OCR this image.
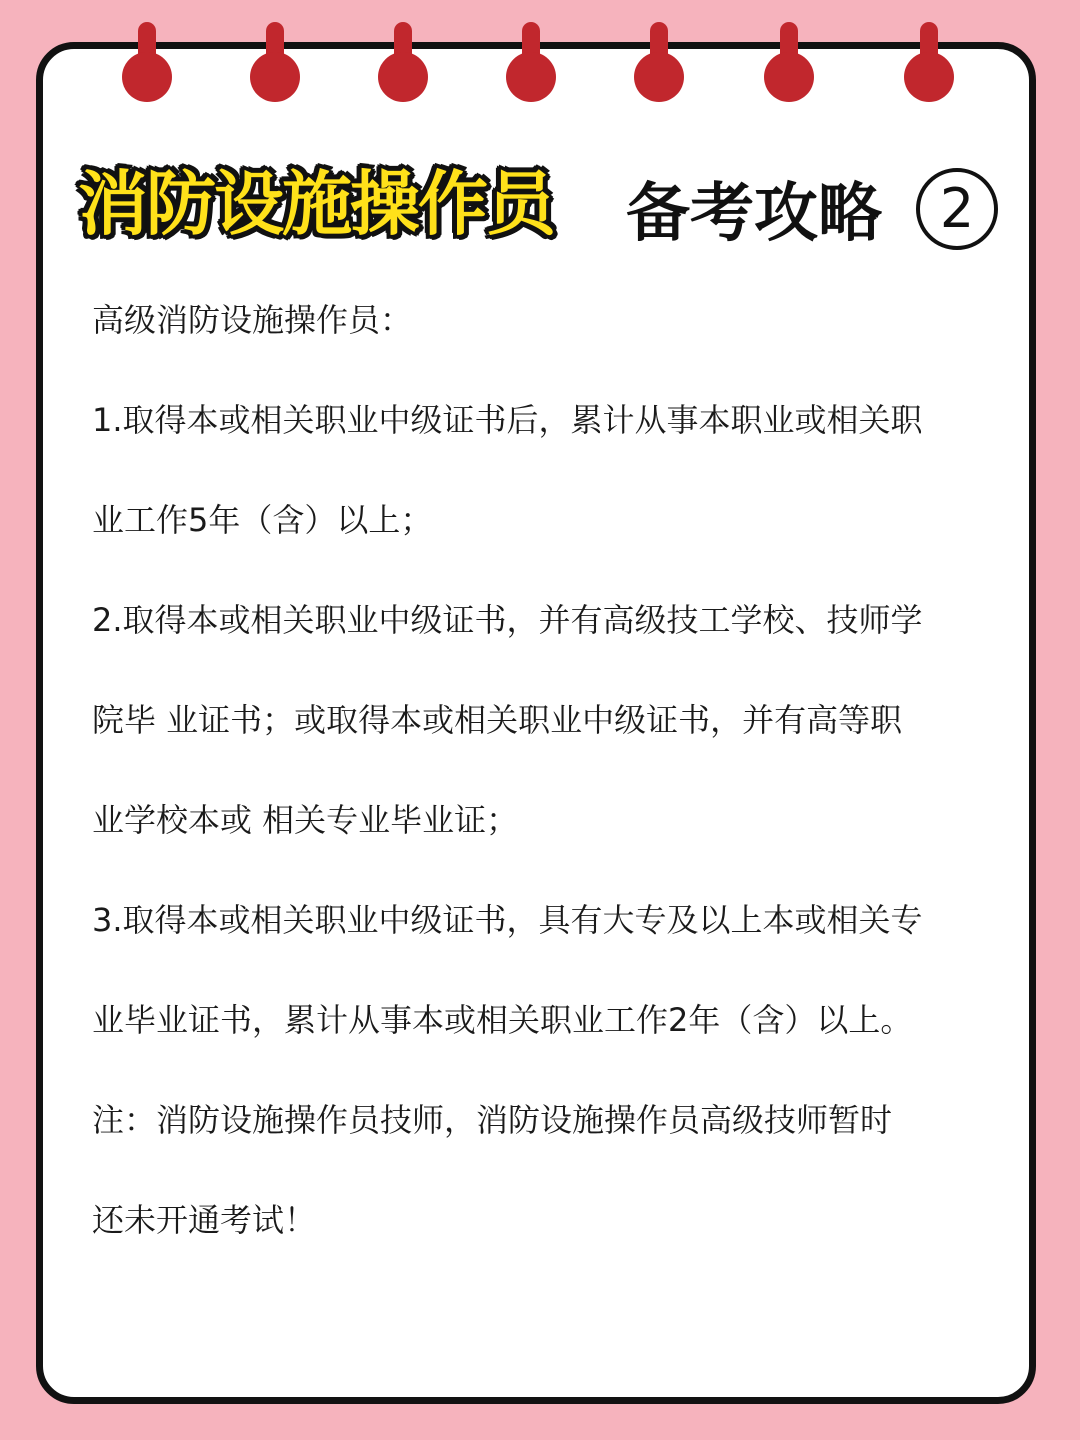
消防设施操作员 备考攻略	2
高级消防设施操作员：
1.取得本或相关职业中级证书后，累计从事本职业或相关职
业工作5年（含）以上；
2.取得本或相关职业中级证书，并有高级技工学校、技师学
院毕 业证书；或取得本或相关职业中级证书，并有高等职
业学校本或 相关专业毕业证；
3.取得本或相关职业中级证书，具有大专及以上本或相关专
业毕业证书，累计从事本或相关职业工作2年（含）以上。
注：消防设施操作员技师，消防设施操作员高级技师暂时
还未开通考试！
